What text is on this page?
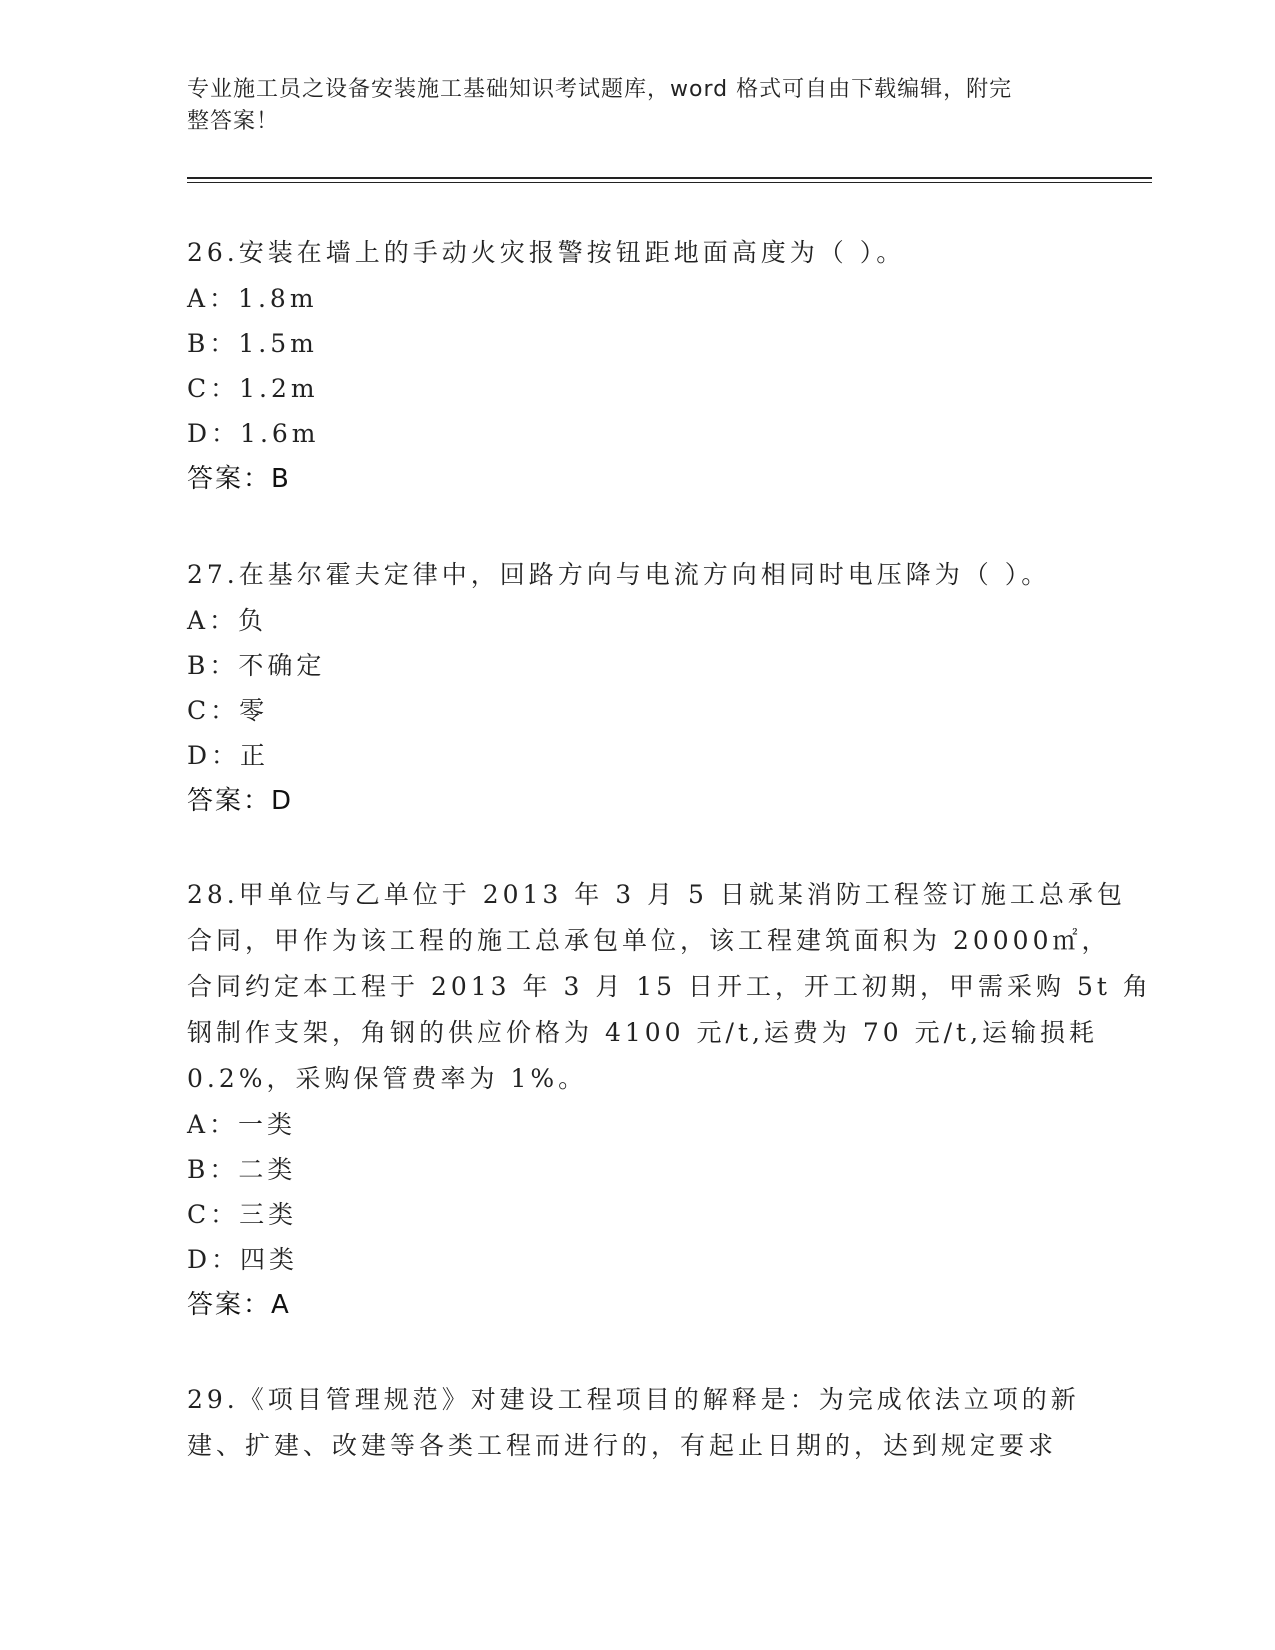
专业施工员之设备安装施工基础知识考试题库，word 格式可自由下载编辑，附完
整答案！
26.安装在墙上的手动火灾报警按钮距地面高度为（ ）。
A：1.8m
B：1.5m
C：1.2m
D：1.6m
答案：B
27.在基尔霍夫定律中，回路方向与电流方向相同时电压降为（ ）。
A：负
B：不确定
C：零
D：正
答案：D
28.甲单位与乙单位于 2013 年 3 月 5 日就某消防工程签订施工总承包
合同，甲作为该工程的施工总承包单位，该工程建筑面积为 20000㎡，
合同约定本工程于 2013 年 3 月 15 日开工，开工初期，甲需采购 5t 角
钢制作支架，角钢的供应价格为 4100 元/t,运费为 70 元/t,运输损耗
0.2%，采购保管费率为 1%。
A：一类
B：二类
C：三类
D：四类
答案：A
29.《项目管理规范》对建设工程项目的解释是：为完成依法立项的新
建、扩建、改建等各类工程而进行的，有起止日期的，达到规定要求
